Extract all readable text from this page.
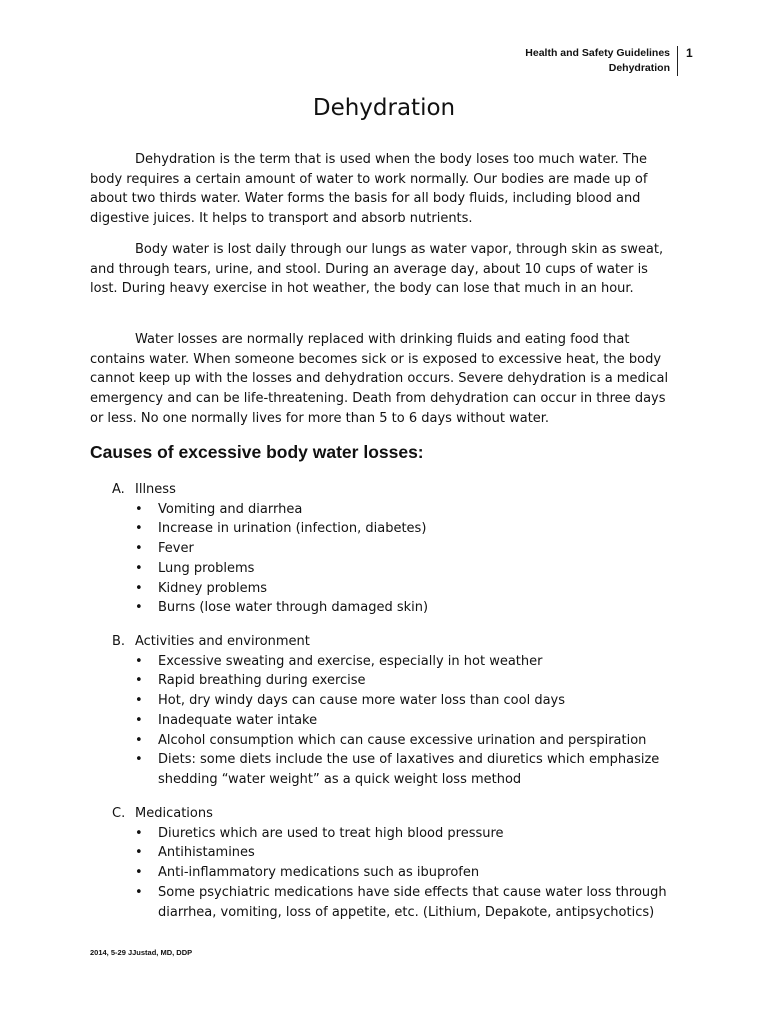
Health and Safety Guidelines
Dehydration
1
Dehydration

Dehydration is the term that is used when the body loses too much water. The body requires a certain amount of water to work normally. Our bodies are made up of about two thirds water. Water forms the basis for all body fluids, including blood and digestive juices. It helps to transport and absorb nutrients.

Body water is lost daily through our lungs as water vapor, through skin as sweat, and through tears, urine, and stool. During an average day, about 10 cups of water is lost. During heavy exercise in hot weather, the body can lose that much in an hour.

Water losses are normally replaced with drinking fluids and eating food that contains water. When someone becomes sick or is exposed to excessive heat, the body cannot keep up with the losses and dehydration occurs. Severe dehydration is a medical emergency and can be life-threatening. Death from dehydration can occur in three days or less. No one normally lives for more than 5 to 6 days without water.

Causes of excessive body water losses:
A. Illness
• Vomiting and diarrhea
• Increase in urination (infection, diabetes)
• Fever
• Lung problems
• Kidney problems
• Burns (lose water through damaged skin)
B. Activities and environment
• Excessive sweating and exercise, especially in hot weather
• Rapid breathing during exercise
• Hot, dry windy days can cause more water loss than cool days
• Inadequate water intake
• Alcohol consumption which can cause excessive urination and perspiration
• Diets: some diets include the use of laxatives and diuretics which emphasize shedding “water weight” as a quick weight loss method
C. Medications
• Diuretics which are used to treat high blood pressure
• Antihistamines
• Anti-inflammatory medications such as ibuprofen
• Some psychiatric medications have side effects that cause water loss through diarrhea, vomiting, loss of appetite, etc. (Lithium, Depakote, antipsychotics)
2014, 5-29 JJustad, MD, DDP
